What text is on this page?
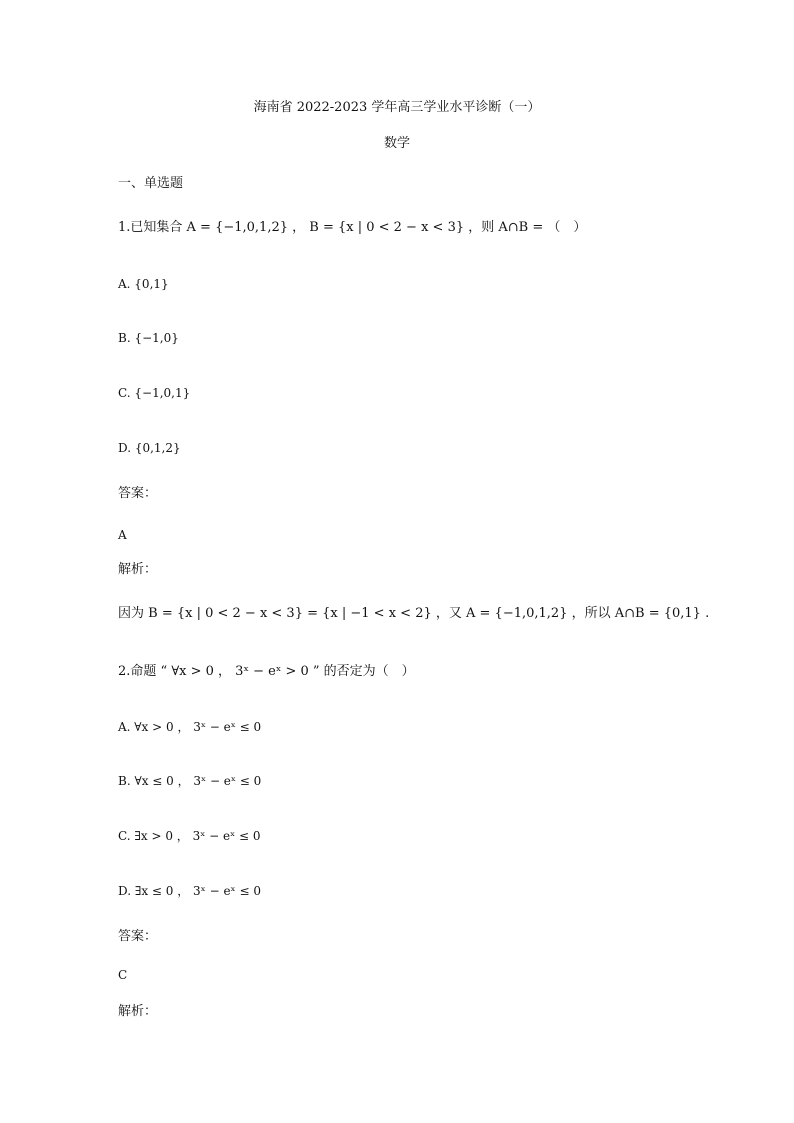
海南省 2022-2023 学年高三学业水平诊断（一）
数学
一、单选题
1.已知集合 A = {−1,0,1,2} ， B = {x | 0 < 2 − x < 3} ，则 A∩B = （　）
A. {0,1}
B. {−1,0}
C. {−1,0,1}
D. {0,1,2}
答案：
A
解析：
因为 B = {x | 0 < 2 − x < 3} = {x | −1 < x < 2} ，又 A = {−1,0,1,2} ，所以 A∩B = {0,1} .
2.命题 “ ∀x > 0 ， 3ˣ − eˣ > 0 ” 的否定为（　）
A. ∀x > 0 ， 3ˣ − eˣ ≤ 0
B. ∀x ≤ 0 ， 3ˣ − eˣ ≤ 0
C. ∃x > 0 ， 3ˣ − eˣ ≤ 0
D. ∃x ≤ 0 ， 3ˣ − eˣ ≤ 0
答案：
C
解析：
